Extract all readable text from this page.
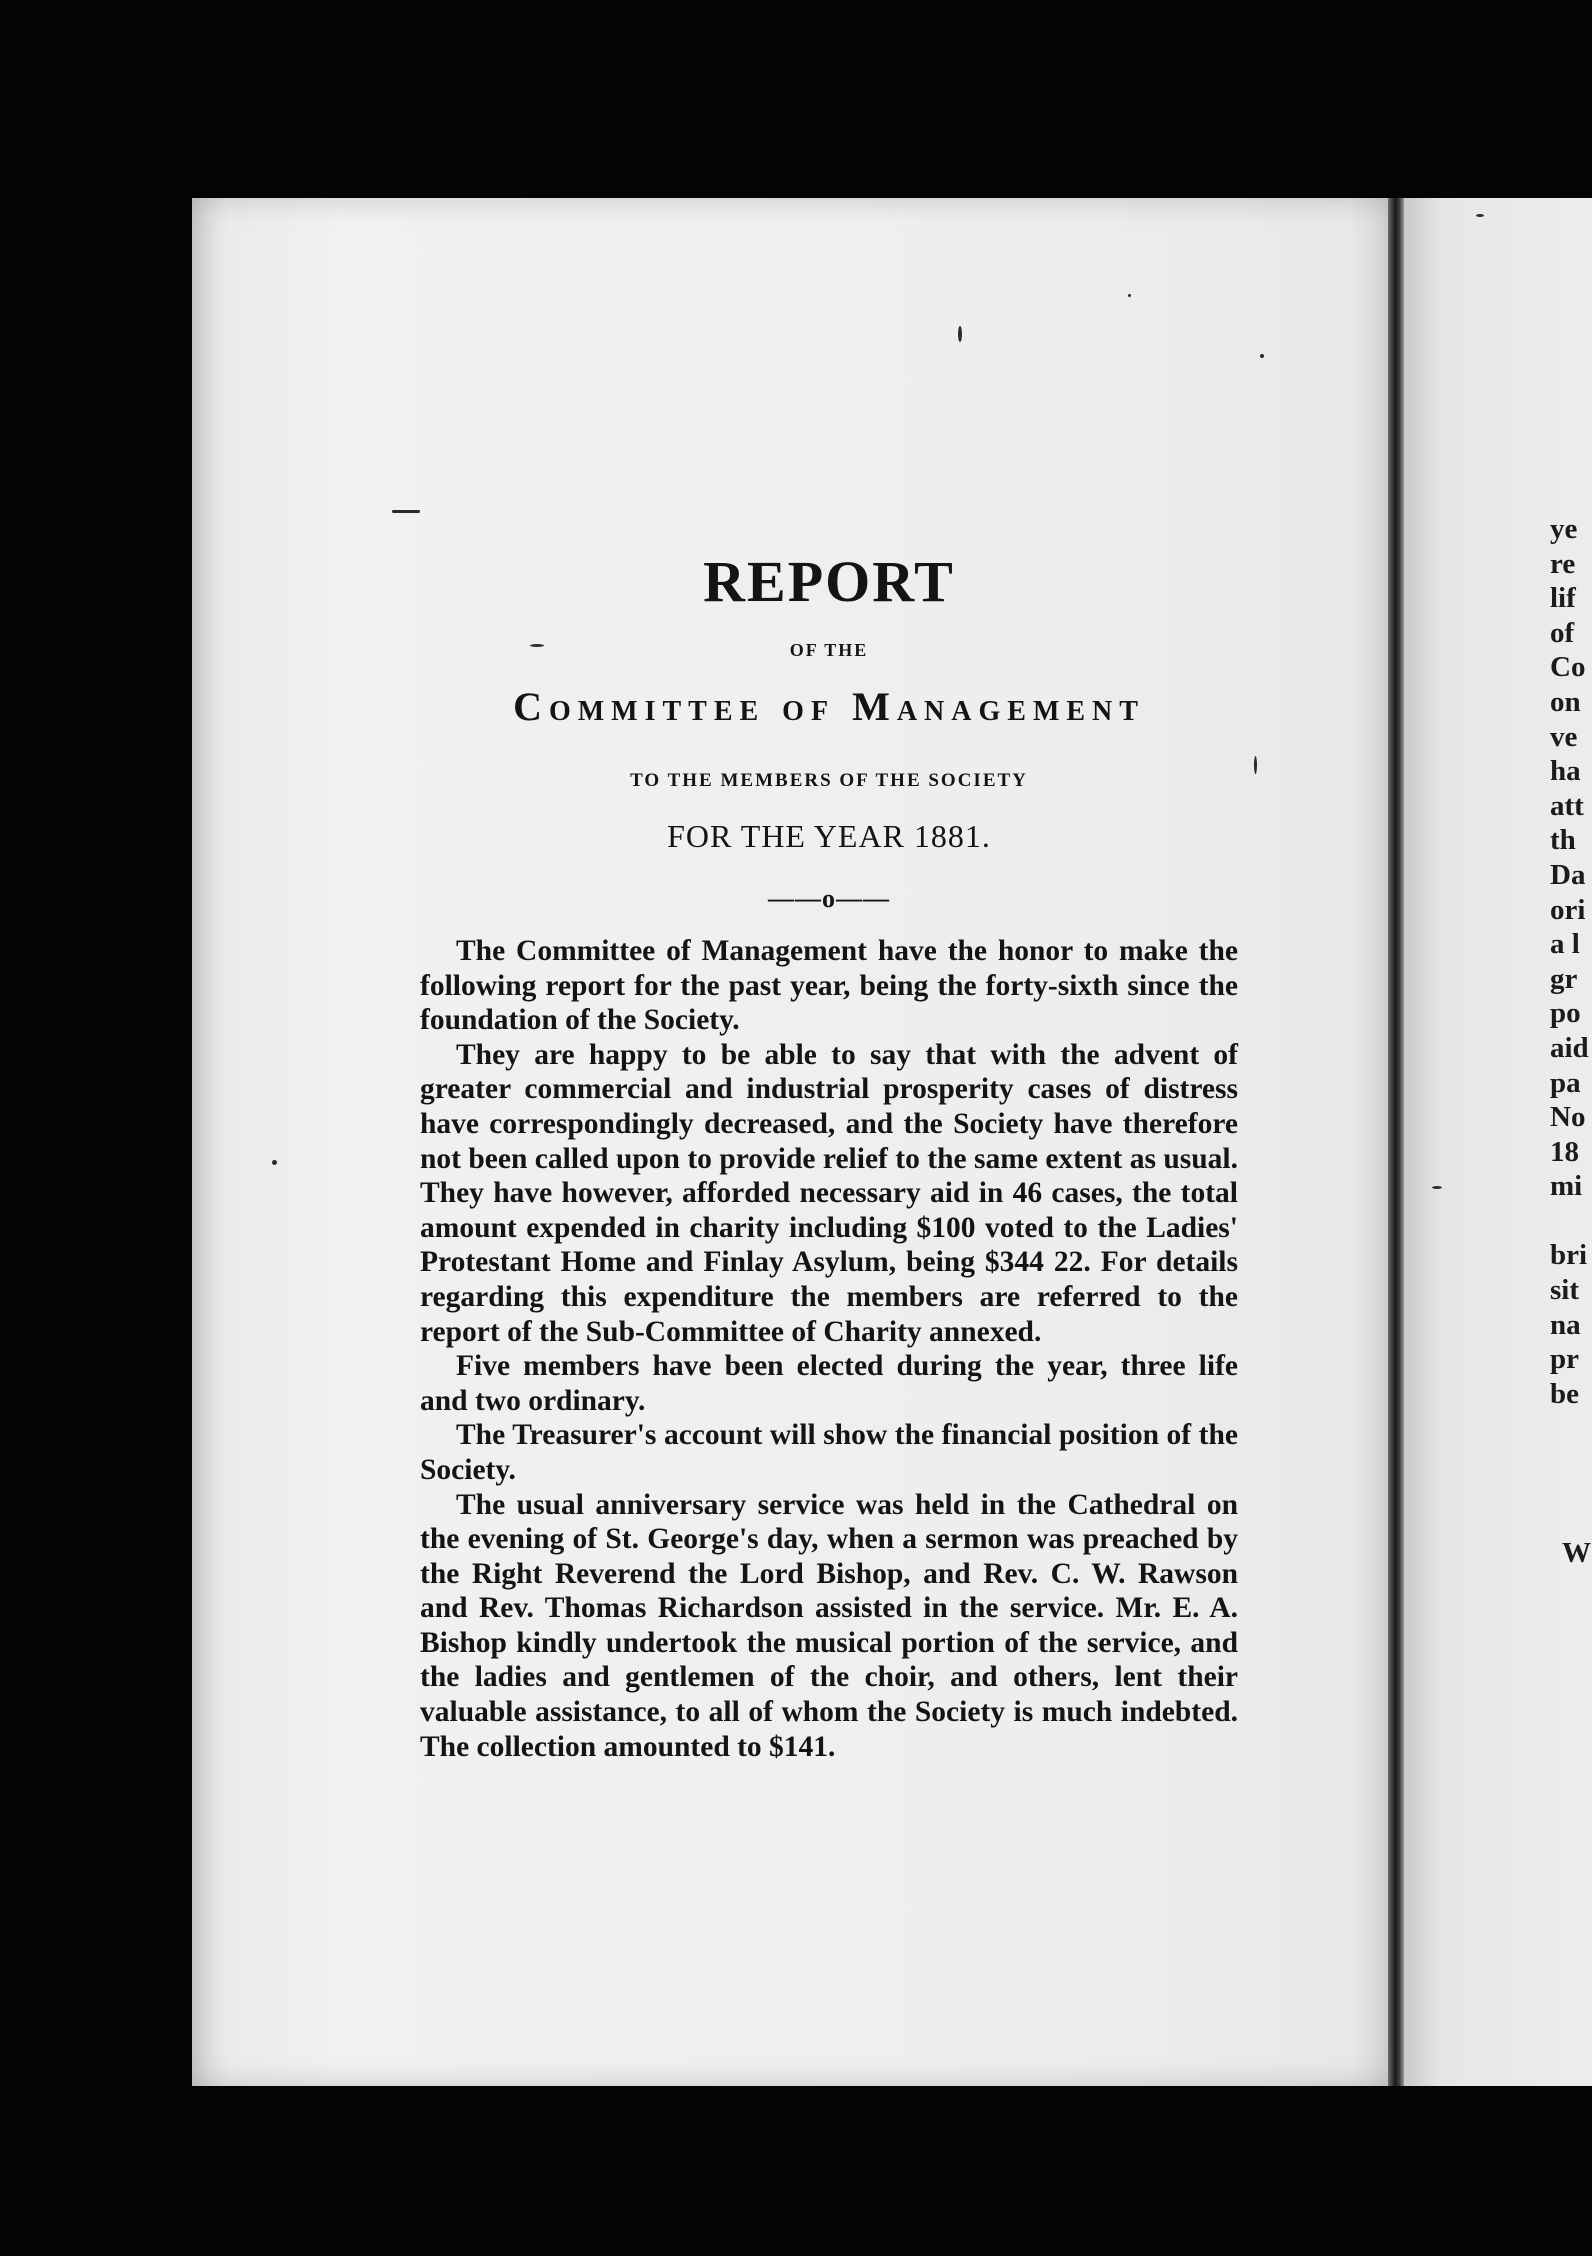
ye
re
lif
of
Co
on
ve
ha
att
th
Da
ori
a l
gr
po
aid
pa
No
18
mi

bri
sit
na
pr
be
W
REPORT
OF THE
Committee of Management
TO THE MEMBERS OF THE SOCIETY
FOR THE YEAR 1881.
——o——

The Committee of Management have the honor to make the following report for the past year, being the forty-sixth since the foundation of the Society.

They are happy to be able to say that with the advent of greater commercial and industrial prosperity cases of distress have correspondingly decreased, and the Society have therefore not been called upon to provide relief to the same extent as usual. They have however, afforded necessary aid in 46 cases, the total amount expended in charity including $100 voted to the Ladies' Protestant Home and Finlay Asylum, being $344 22. For details regarding this expenditure the members are referred to the report of the Sub-Committee of Charity annexed.

Five members have been elected during the year, three life and two ordinary.

The Treasurer's account will show the financial position of the Society.

The usual anniversary service was held in the Cathedral on the evening of St. George's day, when a sermon was preached by the Right Reverend the Lord Bishop, and Rev. C. W. Rawson and Rev. Thomas Richardson assisted in the service. Mr. E. A. Bishop kindly undertook the musical portion of the service, and the ladies and gentlemen of the choir, and others, lent their valuable assistance, to all of whom the Society is much indebted. The collection amounted to $141.
